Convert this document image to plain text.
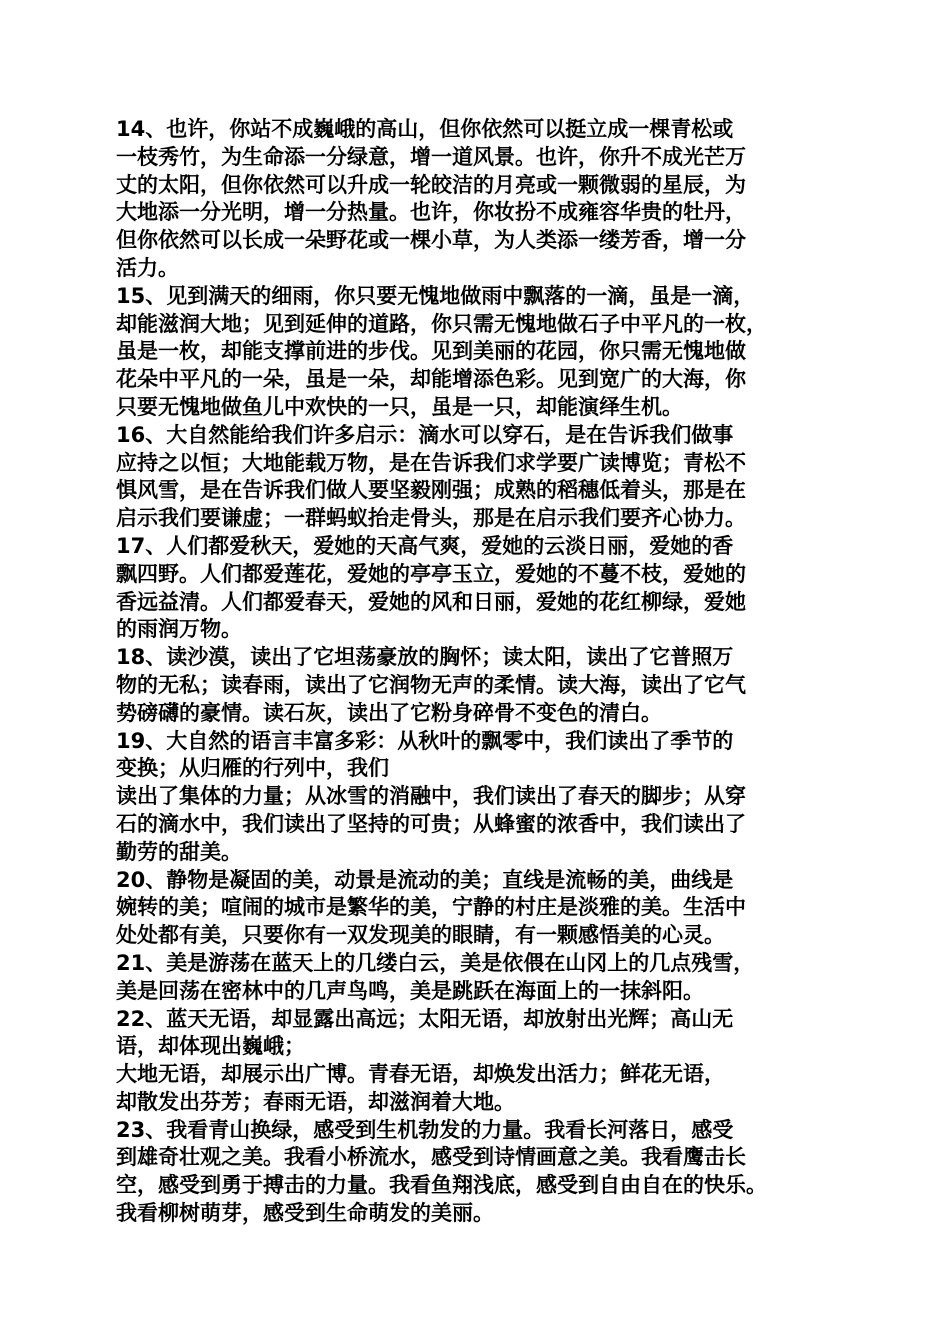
14、也许，你站不成巍峨的高山，但你依然可以挺立成一棵青松或
一枝秀竹，为生命添一分绿意，增一道风景。也许，你升不成光芒万
丈的太阳，但你依然可以升成一轮皎洁的月亮或一颗微弱的星辰，为
大地添一分光明，增一分热量。也许，你妆扮不成雍容华贵的牡丹，
但你依然可以长成一朵野花或一棵小草，为人类添一缕芳香，增一分
活力。
15、见到满天的细雨，你只要无愧地做雨中飘落的一滴，虽是一滴，
却能滋润大地；见到延伸的道路，你只需无愧地做石子中平凡的一枚，
虽是一枚，却能支撑前进的步伐。见到美丽的花园，你只需无愧地做
花朵中平凡的一朵，虽是一朵，却能增添色彩。见到宽广的大海，你
只要无愧地做鱼儿中欢快的一只，虽是一只，却能演绎生机。
16、大自然能给我们许多启示：滴水可以穿石，是在告诉我们做事
应持之以恒；大地能载万物，是在告诉我们求学要广读博览；青松不
惧风雪，是在告诉我们做人要坚毅刚强；成熟的稻穗低着头，那是在
启示我们要谦虚；一群蚂蚁抬走骨头，那是在启示我们要齐心协力。
17、人们都爱秋天，爱她的天高气爽，爱她的云淡日丽，爱她的香
飘四野。人们都爱莲花，爱她的亭亭玉立，爱她的不蔓不枝，爱她的
香远益清。人们都爱春天，爱她的风和日丽，爱她的花红柳绿，爱她
的雨润万物。
18、读沙漠，读出了它坦荡豪放的胸怀；读太阳，读出了它普照万
物的无私；读春雨，读出了它润物无声的柔情。读大海，读出了它气
势磅礴的豪情。读石灰，读出了它粉身碎骨不变色的清白。
19、大自然的语言丰富多彩：从秋叶的飘零中，我们读出了季节的
变换；从归雁的行列中，我们
读出了集体的力量；从冰雪的消融中，我们读出了春天的脚步；从穿
石的滴水中，我们读出了坚持的可贵；从蜂蜜的浓香中，我们读出了
勤劳的甜美。
20、静物是凝固的美，动景是流动的美；直线是流畅的美，曲线是
婉转的美；喧闹的城市是繁华的美，宁静的村庄是淡雅的美。生活中
处处都有美，只要你有一双发现美的眼睛，有一颗感悟美的心灵。
21、美是游荡在蓝天上的几缕白云，美是依偎在山冈上的几点残雪，
美是回荡在密林中的几声鸟鸣，美是跳跃在海面上的一抹斜阳。
22、蓝天无语，却显露出高远；太阳无语，却放射出光辉；高山无
语，却体现出巍峨；
大地无语，却展示出广博。青春无语，却焕发出活力；鲜花无语，
却散发出芬芳；春雨无语，却滋润着大地。
23、我看青山换绿，感受到生机勃发的力量。我看长河落日，感受
到雄奇壮观之美。我看小桥流水，感受到诗情画意之美。我看鹰击长
空，感受到勇于搏击的力量。我看鱼翔浅底，感受到自由自在的快乐。
我看柳树萌芽，感受到生命萌发的美丽。
